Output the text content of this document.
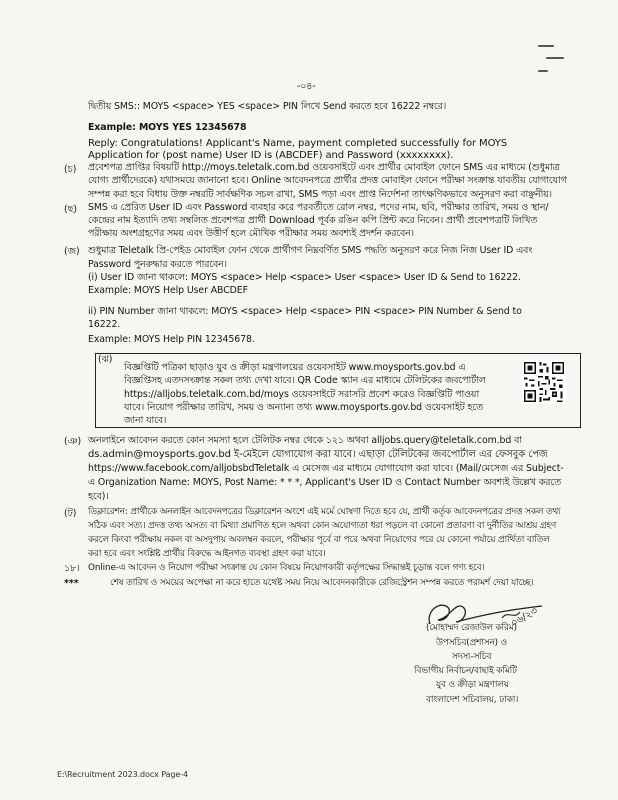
-০৪-
দ্বিতীয় SMS:: MOYS <space> YES <space> PIN লিখে Send করতে হবে 16222 নম্বরে।
Example: MOYS YES 12345678
Reply: Congratulations! Applicant's Name, payment completed successfully for MOYS
Application for (post name) User ID is (ABCDEF) and Password (xxxxxxxx).
(চ) প্রবেশপত্র প্রাপ্তির বিষয়টি http://moys.teletalk.com.bd ওয়েবসাইটে এবং প্রার্থীর মোবাইল ফোনে SMS এর মাধ্যমে (শুধুমাত্র
যোগ্য প্রার্থীদেরকে) যথাসময়ে জানানো হবে। Online আবেদনপত্রে প্রার্থীর প্রদত্ত মোবাইল ফোনে পরীক্ষা সংক্রান্ত যাবতীয় যোগাযোগ
সম্পন্ন করা হবে বিধায় উক্ত নম্বরটি সার্বক্ষণিক সচল রাখা, SMS পড়া এবং প্রাপ্ত নির্দেশনা তাৎক্ষণিকভাবে অনুসরণ করা বাঞ্ছনীয়।
(ছ) SMS এ প্রেরিত User ID এবং Password ব্যবহার করে পরবর্তীতে রোল নম্বর, পদের নাম, ছবি, পরীক্ষার তারিখ, সময় ও স্থান/
কেন্দ্রের নাম ইত্যাদি তথ্য সম্বলিত প্রবেশপত্র প্রার্থী Download পূর্বক রঙিন কপি প্রিন্ট করে নিবেন। প্রার্থী প্রবেশপত্রটি লিখিত
পরীক্ষায় অংশগ্রহণের সময় এবং উত্তীর্ণ হলে মৌখিক পরীক্ষার সময় অবশ্যই প্রদর্শন করবেন।
(জ) শুধুমাত্র Teletalk প্রি-পেইড মোবাইল ফোন থেকে প্রার্থীগণ নিম্নবর্ণিত SMS পদ্ধতি অনুসরণ করে নিজ নিজ User ID এবং
Password পুনরুদ্ধার করতে পারবেন।
(i) User ID জানা থাকলে: MOYS <space> Help <space> User <space> User ID & Send to 16222.
Example: MOYS Help User ABCDEF
ii) PIN Number জানা থাকলে: MOYS <space> Help <space> PIN <space> PIN Number & Send to
16222.
Example: MOYS Help PIN 12345678.
(ঝ)
বিজ্ঞপ্তিটি পত্রিকা ছাড়াও যুব ও ক্রীড়া মন্ত্রণালয়ের ওয়েবসাইট www.moysports.gov.bd এ
বিজ্ঞপ্তিসহ এতদসংক্রান্ত সকল তথ্য দেখা যাবে। QR Code স্ক্যান এর মাধ্যমে টেলিটকের জবপোর্টাল
https://alljobs.teletalk.com.bd/moys ওয়েবসাইটে সরাসরি প্রবেশ করেও বিজ্ঞপ্তিটি পাওয়া
যাবে। নিয়োগ পরীক্ষার তারিখ, সময় ও অন্যান্য তথ্য www.moysports.gov.bd ওয়েবসাইট হতে
জানা যাবে।
(ঞ) অনলাইনে আবেদন করতে কোন সমস্যা হলে টেলিটক নম্বর থেকে ১২১ অথবা alljobs.query@teletalk.com.bd বা
ds.admin@moysports.gov.bd ই-মেইলে যোগাযোগ করা যাবে। এছাড়া টেলিটকের জবপোর্টাল এর ফেসবুক পেজ
https://www.facebook.com/alljobsbdTeletalk এ মেসেজ এর মাধ্যমে যোগাযোগ করা যাবে। (Mail/মেসেজ এর Subject-
এ Organization Name: MOYS, Post Name: * * *, Applicant's User ID ও Contact Number অবশ্যই উল্লেখ করতে
হবে)।
(ট) ডিক্লারেশন: প্রার্থীকে অনলাইন আবেদনপত্রের ডিক্লারেশন অংশে এই মর্মে ঘোষণা দিতে হবে যে, প্রার্থী কর্তৃক আবেদনপত্রের প্রদত্ত সকল তথ্য
সঠিক এবং সত্য। প্রদত্ত তথ্য অসত্য বা মিথ্যা প্রমাণিত হলে অথবা কোন অযোগ্যতা ধরা পড়লে বা কোনো প্রতারণা বা দুর্নীতির আশ্রয় গ্রহণ
করলে কিংবা পরীক্ষায় নকল বা অসদুপায় অবলম্বন করলে, পরীক্ষার পূর্বে বা পরে অথবা নিয়োগের পরে যে কোনো পর্যায়ে প্রার্থিতা বাতিল
করা হবে এবং সংশ্লিষ্ট প্রার্থীর বিরুদ্ধে আইনগত ব্যবস্থা গ্রহণ করা যাবে।
১৮। Online-এ আবেদন ও নিয়োগ পরীক্ষা সংক্রান্ত যে কোন বিষয়ে নিয়োগকারী কর্তৃপক্ষের সিদ্ধান্তই চূড়ান্ত বলে গণ্য হবে।
***	শেষ তারিখ ও সময়ের অপেক্ষা না করে হাতে যথেষ্ট সময় নিয়ে আবেদনকারীকে রেজিস্ট্রেশন সম্পন্ন করতে পরামর্শ দেয়া যাচ্ছে।
০৬/২৩
(মোহাম্মদ রেজাউল করিম)
উপসচিব(প্রশাসন) ও
সদস্য-সচিব
বিভাগীয় নির্বাচন/বাছাই কমিটি
যুব ও ক্রীড়া মন্ত্রণালয়
বাংলাদেশ সচিবালয়, ঢাকা।
E:\Recruitment 2023.docx Page-4
